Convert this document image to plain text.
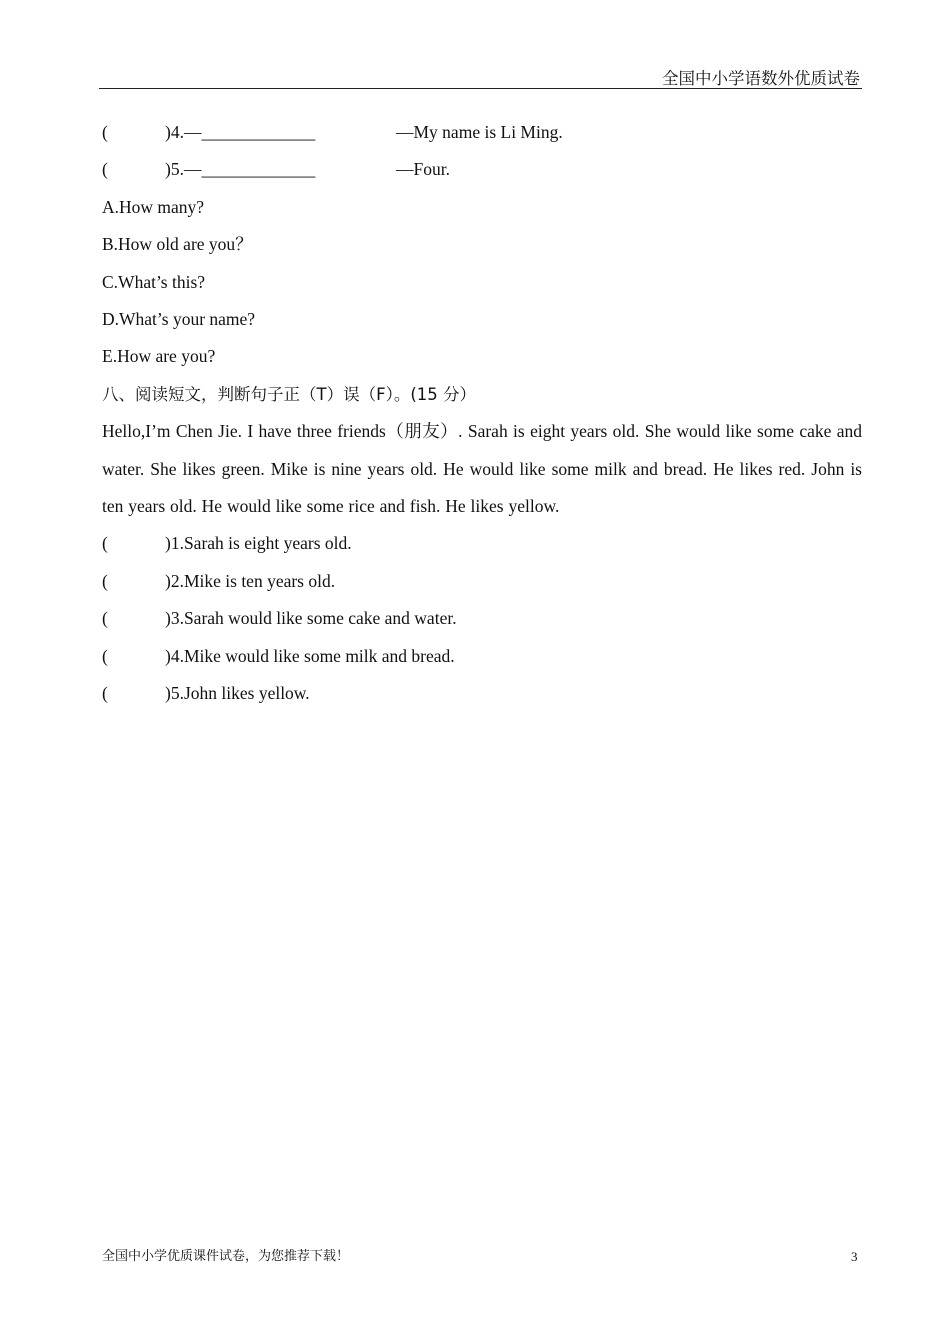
全国中小学语数外优质试卷
(	)4.—_____________	—My name is Li Ming.
(	)5.—_____________	—Four.
A.How many?
B.How old are you？
C.What’s this?
D.What’s your name?
E.How are you?
八、阅读短文，判断句子正（T）误（F）。(15 分）
Hello,I’m Chen Jie. I have three friends（朋友）. Sarah is eight years old. She would like some cake and water. She likes green. Mike is nine years old. He would like some milk and bread. He likes red. John is ten years old. He would like some rice and fish. He likes yellow.
(	)1.Sarah is eight years old.
(	)2.Mike is ten years old.
(	)3.Sarah would like some cake and water.
(	)4.Mike would like some milk and bread.
(	)5.John likes yellow.
全国中小学优质课件试卷，为您推荐下载！	3
